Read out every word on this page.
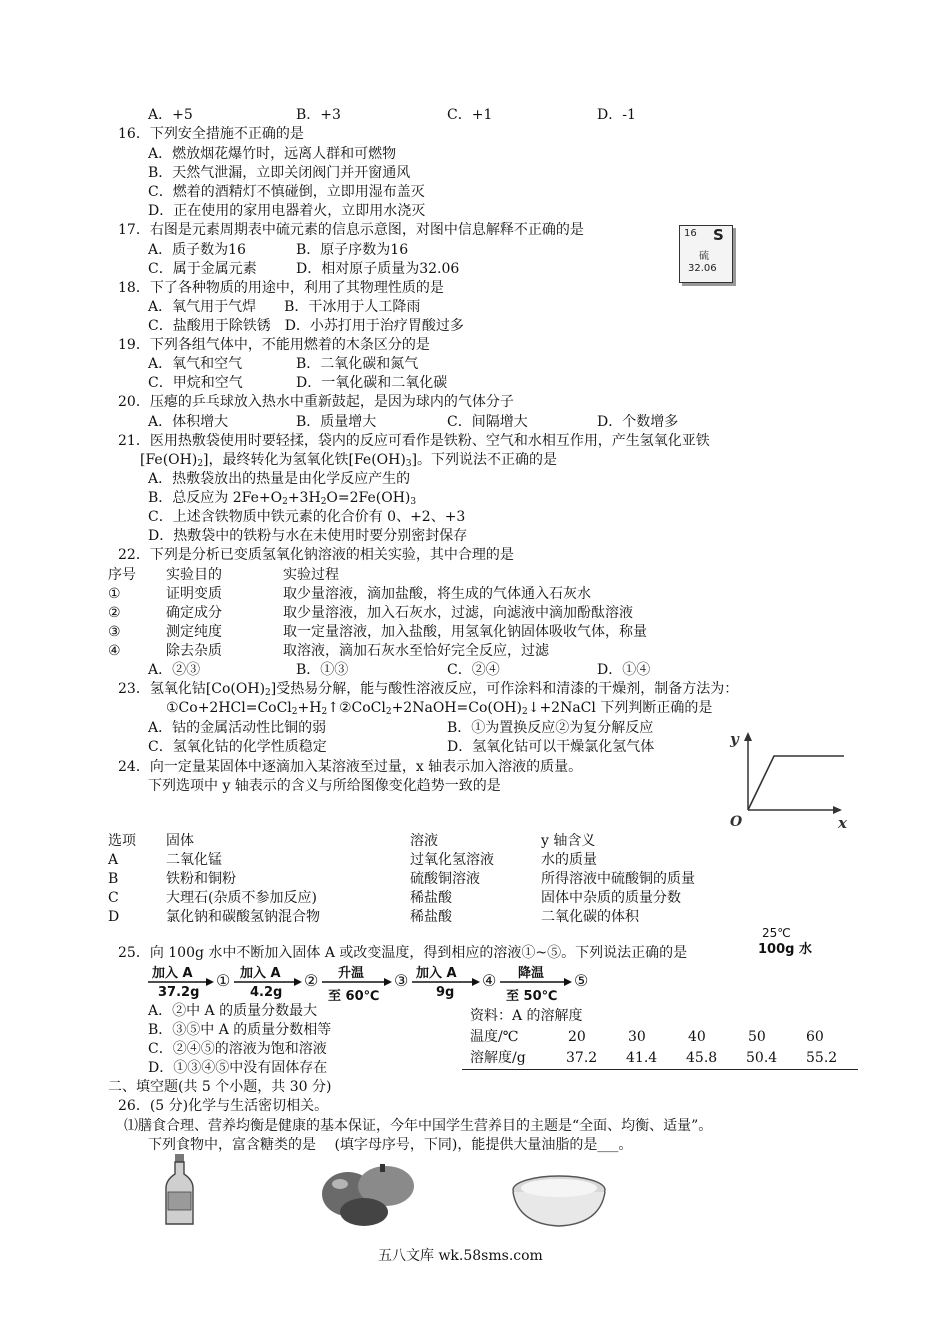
A．+5	B．+3	C．+1	D．-1
16．下列安全措施不正确的是
A．燃放烟花爆竹时，远离人群和可燃物
B．天然气泄漏，立即关闭阀门并开窗通风
C．燃着的酒精灯不慎碰倒，立即用湿布盖灭
D．正在使用的家用电器着火，立即用水浇灭
17．右图是元素周期表中硫元素的信息示意图，对图中信息解释不正确的是
A．质子数为16	B．原子序数为16
C．属于金属元素	D．相对原子质量为32.06
16 S
硫
32.06
18．下了各种物质的用途中，利用了其物理性质的是
A．氧气用于气焊　　B．干冰用于人工降雨
C．盐酸用于除铁锈　D．小苏打用于治疗胃酸过多
19．下列各组气体中，不能用燃着的木条区分的是
A．氧气和空气	B．二氧化碳和氮气
C．甲烷和空气	D．一氧化碳和二氧化碳
20．压瘪的乒乓球放入热水中重新鼓起，是因为球内的气体分子
A．体积增大	B．质量增大	C．间隔增大	D．个数增多
21．医用热敷袋使用时要轻揉，袋内的反应可看作是铁粉、空气和水相互作用，产生氢氧化亚铁
$[Fe(OH)_2]$，最终转化为氢氧化铁$[Fe(OH)_3]$。下列说法不正确的是
A．热敷袋放出的热量是由化学反应产生的
B．总反应为 $2Fe+O_2+3H_2O=2Fe(OH)_3$
C．上述含铁物质中铁元素的化合价有 0、+2、+3
D．热敷袋中的铁粉与水在未使用时要分别密封保存
22．下列是分析已变质氢氧化钠溶液的相关实验，其中合理的是
序号 实验目的	实验过程
①	证明变质	取少量溶液，滴加盐酸，将生成的气体通入石灰水
②	确定成分	取少量溶液，加入石灰水，过滤，向滤液中滴加酚酞溶液
③	测定纯度	取一定量溶液，加入盐酸，用氢氧化钠固体吸收气体，称量
④	除去杂质	取溶液，滴加石灰水至恰好完全反应，过滤
A．②③	B．①③	C．②④	D．①④
23．氢氧化钴$[Co(OH)_2]$受热易分解，能与酸性溶液反应，可作涂料和清漆的干燥剂，制备方法为：
$①Co+2HCl=CoCl_2+H_2↑②CoCl_2+2NaOH=Co(OH)_2↓+2NaCl$ 下列判断正确的是
A．钴的金属活动性比铜的弱	B．①为置换反应②为复分解反应
C．氢氧化钴的化学性质稳定	D．氢氧化钴可以干燥氯化氢气体
24．向一定量某固体中逐滴加入某溶液至过量，x 轴表示加入溶液的质量。
下列选项中 y 轴表示的含义与所给图像变化趋势一致的是
y
x
O
选项 固体	溶液	y 轴含义
A	二氧化锰	过氧化氢溶液	水的质量
B	铁粉和铜粉	硫酸铜溶液	所得溶液中硫酸铜的质量
C	大理石(杂质不参加反应)	稀盐酸	固体中杂质的质量分数
D	氯化钠和碳酸氢钠混合物	稀盐酸	二氧化碳的体积
25．向 100g 水中不断加入固体 A 或改变温度，得到相应的溶液①~⑤。下列说法正确的是
25℃
100g 水
加入 A
37.2g
① 加入 A
4.2g
② 升温
至 60℃
③ 加入 A
9g
④ 降温
至 50℃
⑤
A．②中 A 的质量分数最大
B．③⑤中 A 的质量分数相等
C．②④⑤的溶液为饱和溶液
D．①③④⑤中没有固体存在
资料：A 的溶解度
温度/℃	20	30	40	50	60
溶解度/g	37.2 41.4 45.8 50.4 55.2
二、填空题(共 5 个小题，共 30 分)
26．(5 分)化学与生活密切相关。
⑴膳食合理、营养均衡是健康的基本保证，今年中国学生营养目的主题是“全面、均衡、适量”。
下列食物中，富含糖类的是　 (填字母序号，下同)，能提供大量油脂的是___。
五八文库 wk.58sms.com
